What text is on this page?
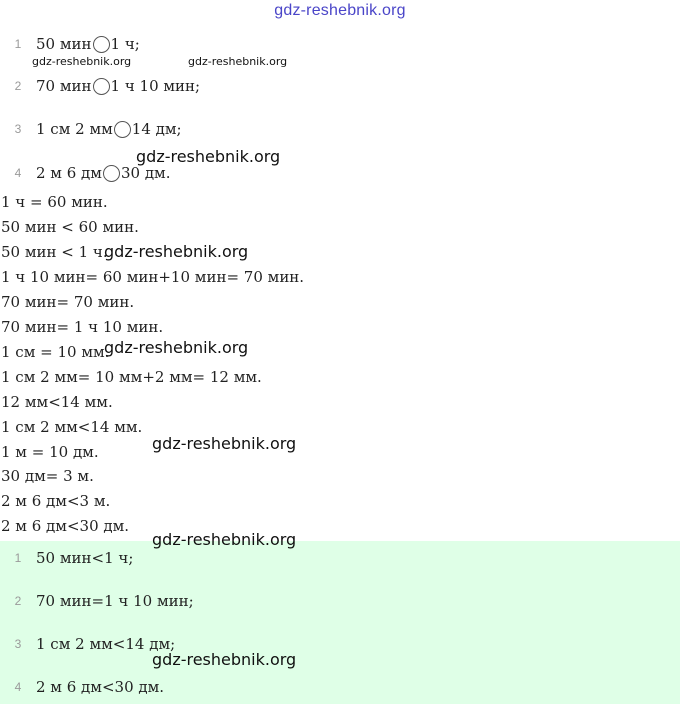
gdz-reshebnik.org
1 50 мин 1 ч;
gdz-reshebnik.org	gdz-reshebnik.org
2 70 мин 1 ч 10 мин;
3 1 см 2 мм 14 дм;
gdz-reshebnik.org
4 2 м 6 дм 30 дм.
1 ч = 60 мин.
50 мин < 60 мин.
50 мин < 1 ч.
gdz-reshebnik.org
1 ч 10 мин= 60 мин+10 мин= 70 мин.
70 мин= 70 мин.
70 мин= 1 ч 10 мин.
1 см = 10 мм.
gdz-reshebnik.org
1 см 2 мм= 10 мм+2 мм= 12 мм.
12 мм<14 мм.
1 см 2 мм<14 мм.
gdz-reshebnik.org
1 м = 10 дм.
30 дм= 3 м.
2 м 6 дм<3 м.
2 м 6 дм<30 дм.
gdz-reshebnik.org
1 50 мин<1 ч;
2 70 мин=1 ч 10 мин;
3 1 см 2 мм<14 дм;
gdz-reshebnik.org
4 2 м 6 дм<30 дм.
